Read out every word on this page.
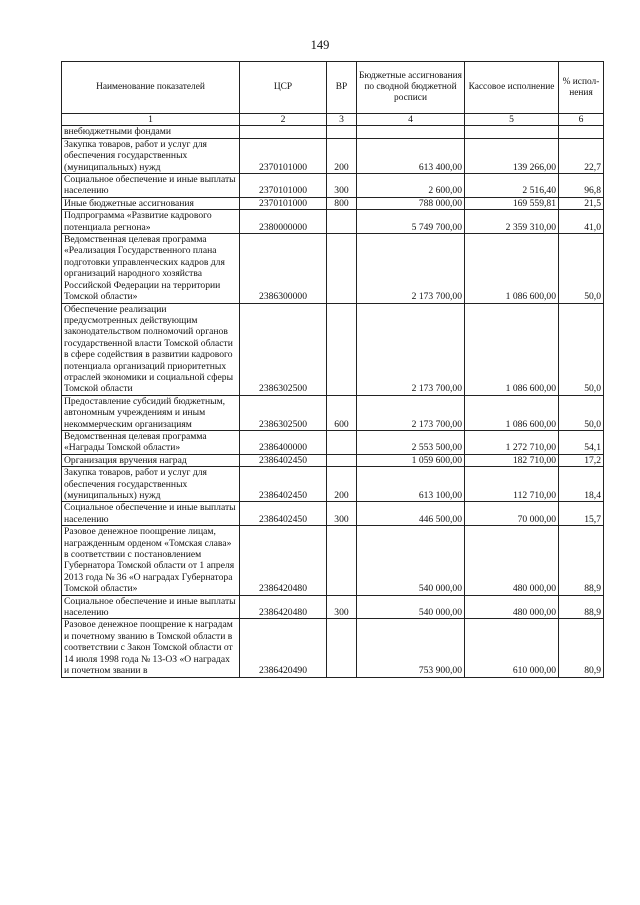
149
Наименование показателей	ЦСР	ВР	Бюджетные ассигнования по сводной бюджетной росписи	Кассовое исполнение	% испол-нения
1	2	3	4	5	6
внебюджетными фондами					
Закупка товаров, работ и услуг для обеспечения государственных (муниципальных) нужд	2370101000	200	613 400,00	139 266,00	22,7
Социальное обеспечение и иные выплаты населению	2370101000	300	2 600,00	2 516,40	96,8
Иные бюджетные ассигнования	2370101000	800	788 000,00	169 559,81	21,5
Подпрограмма «Развитие кадрового потенциала регнона»	2380000000		5 749 700,00	2 359 310,00	41,0
Ведомственная целевая программа «Реализация Государственного плана подготовки управленческих кадров для организаций народного хозяйства Российской Федерации на территории Томской области»	2386300000		2 173 700,00	1 086 600,00	50,0
Обеспечение реализации предусмотренных действующим законодательством полномочий органов государственной власти Томской области в сфере содействия в развитии кадрового потенциала организаций приоритетных отраслей экономики и социальной сферы Томской области	2386302500		2 173 700,00	1 086 600,00	50,0
Предоставление субсидий бюджетным, автономным учреждениям и иным некоммерческим организациям	2386302500	600	2 173 700,00	1 086 600,00	50,0
Ведомственная целевая программа «Награды Томской области»	2386400000		2 553 500,00	1 272 710,00	54,1
Организация вручения наград	2386402450		1 059 600,00	182 710,00	17,2
Закупка товаров, работ и услуг для обеспечения государственных (муниципальных) нужд	2386402450	200	613 100,00	112 710,00	18,4
Социальное обеспечение и иные выплаты населению	2386402450	300	446 500,00	70 000,00	15,7
Разовое денежное поощрение лицам, награжденным орденом «Томская слава» в соответствии с постановлением Губернатора Томской области от 1 апреля 2013 года № 36 «О наградах Губернатора Томской области»	2386420480		540 000,00	480 000,00	88,9
Социальное обеспечение и иные выплаты населению	2386420480	300	540 000,00	480 000,00	88,9
Разовое денежное поощрение к наградам и почетному званию в Томской области в соответствии с Закон Томской области от 14 июля 1998 года № 13-ОЗ «О наградах и почетном звании в	2386420490		753 900,00	610 000,00	80,9
